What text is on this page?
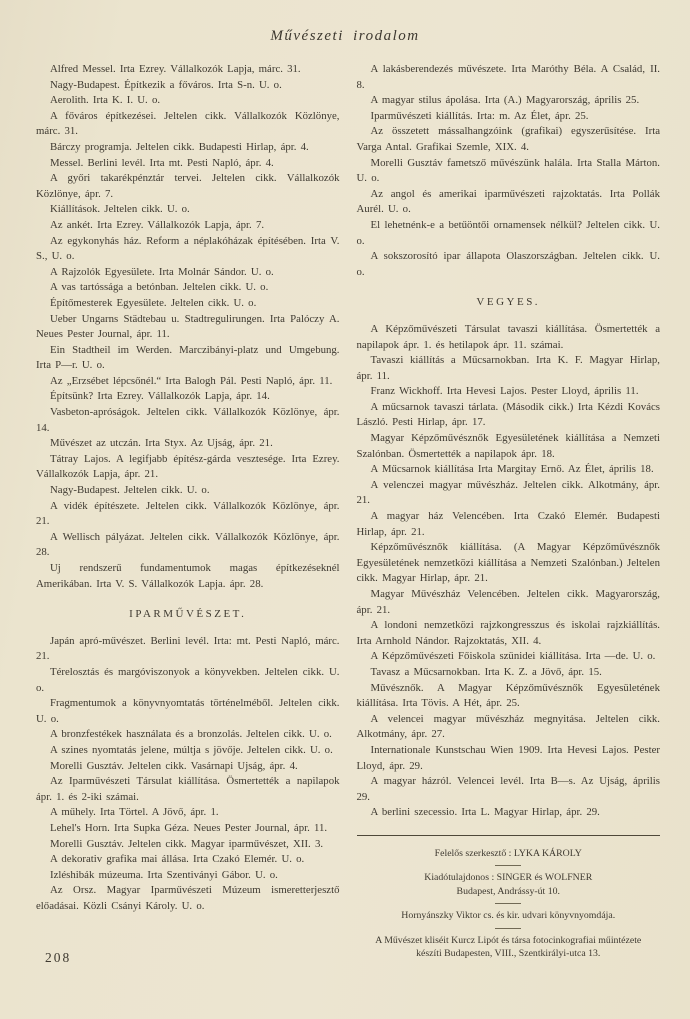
Művészeti irodalom

Alfred Messel. Irta Ezrey. Vállalkozók Lapja, márc. 31.

Nagy-Budapest. Építkezik a főváros. Irta S-n. U. o.

Aerolith. Irta K. I. U. o.

A főváros építkezései. Jeltelen cikk. Vállalkozók Közlönye, márc. 31.

Bárczy programja. Jeltelen cikk. Budapesti Hirlap, ápr. 4.

Messel. Berlini levél. Irta mt. Pesti Napló, ápr. 4.

A győri takarékpénztár tervei. Jeltelen cikk. Vállalkozók Közlönye, ápr. 7.

Kiállítások. Jeltelen cikk. U. o.

Az ankét. Irta Ezrey. Vállalkozók Lapja, ápr. 7.

Az egykonyhás ház. Reform a néplakóházak építésében. Irta V. S., U. o.

A Rajzolók Egyesülete. Irta Molnár Sándor. U. o.

A vas tartóssága a betónban. Jeltelen cikk. U. o.

Építőmesterek Egyesülete. Jeltelen cikk. U. o.

Ueber Ungarns Städtebau u. Stadtregulirungen. Irta Palóczy A. Neues Pester Journal, ápr. 11.

Ein Stadtheil im Werden. Marczibányi-platz und Umgebung. Irta P—r. U. o.

Az „Erzsébet lépcsőnél.“ Irta Balogh Pál. Pesti Napló, ápr. 11.

Építsünk? Irta Ezrey. Vállalkozók Lapja, ápr. 14.

Vasbeton-apróságok. Jeltelen cikk. Vállalkozók Közlönye, ápr. 14.

Művészet az utczán. Irta Styx. Az Ujság, ápr. 21.

Tátray Lajos. A legifjabb építész-gárda vesztesége. Irta Ezrey. Vállalkozók Lapja, ápr. 21.

Nagy-Budapest. Jeltelen cikk. U. o.

A vidék építészete. Jeltelen cikk. Vállalkozók Közlönye, ápr. 21.

A Wellisch pályázat. Jeltelen cikk. Vállalkozók Közlönye, ápr. 28.

Uj rendszerű fundamentumok magas építkezéseknél Amerikában. Irta V. S. Vállalkozók Lapja. ápr. 28.

IPARMŰVÉSZET.

Japán apró-művészet. Berlini levél. Irta: mt. Pesti Napló, márc. 21.

Térelosztás és margóviszonyok a könyvekben. Jeltelen cikk. U. o.

Fragmentumok a könyvnyomtatás történelméből. Jeltelen cikk. U. o.

A bronzfestékek használata és a bronzolás. Jeltelen cikk. U. o.

A szines nyomtatás jelene, múltja s jövője. Jeltelen cikk. U. o.

Morelli Gusztáv. Jeltelen cikk. Vasárnapi Ujság, ápr. 4.

Az Iparművészeti Társulat kiállítása. Ösmertették a napilapok ápr. 1. és 2-iki számai.

A műhely. Irta Törtel. A Jövő, ápr. 1.

Lehel's Horn. Irta Supka Géza. Neues Pester Journal, ápr. 11.

Morelli Gusztáv. Jeltelen cikk. Magyar iparművészet, XII. 3.

A dekorativ grafika mai állása. Irta Czakó Elemér. U. o.

Izléshibák múzeuma. Irta Szentiványi Gábor. U. o.

Az Orsz. Magyar Iparművészeti Múzeum ismeretterjesztő előadásai. Közli Csányi Károly. U. o.

A lakásberendezés művészete. Irta Maróthy Béla. A Család, II. 8.

A magyar stilus ápolása. Irta (A.) Magyarország, április 25.

Iparművészeti kiállítás. Irta: m. Az Élet, ápr. 25.

Az összetett mássalhangzóink (grafikai) egyszerűsítése. Irta Varga Antal. Grafikai Szemle, XIX. 4.

Morelli Gusztáv fametsző művészünk halála. Irta Stalla Márton. U. o.

Az angol és amerikai iparművészeti rajzoktatás. Irta Pollák Aurél. U. o.

El lehetnénk-e a betűöntői ornamensek nélkül? Jeltelen cikk. U. o.

A sokszorosító ipar állapota Olaszországban. Jeltelen cikk. U. o.

VEGYES.

A Képzőművészeti Társulat tavaszi kiállítása. Ösmertették a napilapok ápr. 1. és hetilapok ápr. 11. számai.

Tavaszi kiállítás a Műcsarnokban. Irta K. F. Magyar Hirlap, ápr. 11.

Franz Wickhoff. Irta Hevesi Lajos. Pester Lloyd, április 11.

A műcsarnok tavaszi tárlata. (Második cikk.) Irta Kézdi Kovács László. Pesti Hirlap, ápr. 17.

Magyar Képzőművésznők Egyesületének kiállítása a Nemzeti Szalónban. Ösmertették a napilapok ápr. 18.

A Műcsarnok kiállítása Irta Margitay Ernő. Az Élet, április 18.

A velenczei magyar művészház. Jeltelen cikk. Alkotmány, ápr. 21.

A magyar ház Velencében. Irta Czakó Elemér. Budapesti Hirlap, ápr. 21.

Képzőművésznők kiállítása. (A Magyar Képzőművésznők Egyesületének nemzetközi kiállítása a Nemzeti Szalónban.) Jeltelen cikk. Magyar Hirlap, ápr. 21.

Magyar Művészház Velencében. Jeltelen cikk. Magyarország, ápr. 21.

A londoni nemzetközi rajzkongresszus és iskolai rajzkiállítás. Irta Arnhold Nándor. Rajzoktatás, XII. 4.

A Képzőművészeti Főiskola szünidei kiállítása. Irta —de. U. o.

Tavasz a Műcsarnokban. Irta K. Z. a Jövő, ápr. 15.

Művésznők. A Magyar Képzőművésznők Egyesületének kiállítása. Irta Tövis. A Hét, ápr. 25.

A velencei magyar művészház megnyitása. Jeltelen cikk. Alkotmány, ápr. 27.

Internationale Kunstschau Wien 1909. Irta Hevesi Lajos. Pester Lloyd, ápr. 29.

A magyar házról. Velencei levél. Irta B—s. Az Ujság, április 29.

A berlini szecessio. Irta L. Magyar Hirlap, ápr. 29.

Felelős szerkesztő : LYKA KÁROLY

Kiadótulajdonos : SINGER és WOLFNER

Budapest, Andrássy-út 10.

Hornyánszky Viktor cs. és kir. udvari könyvnyomdája.

A Művészet kliséit Kurcz Lipót és társa fotocinkografiai műintézete készíti Budapesten, VIII., Szentkirályi-utca 13.

208
